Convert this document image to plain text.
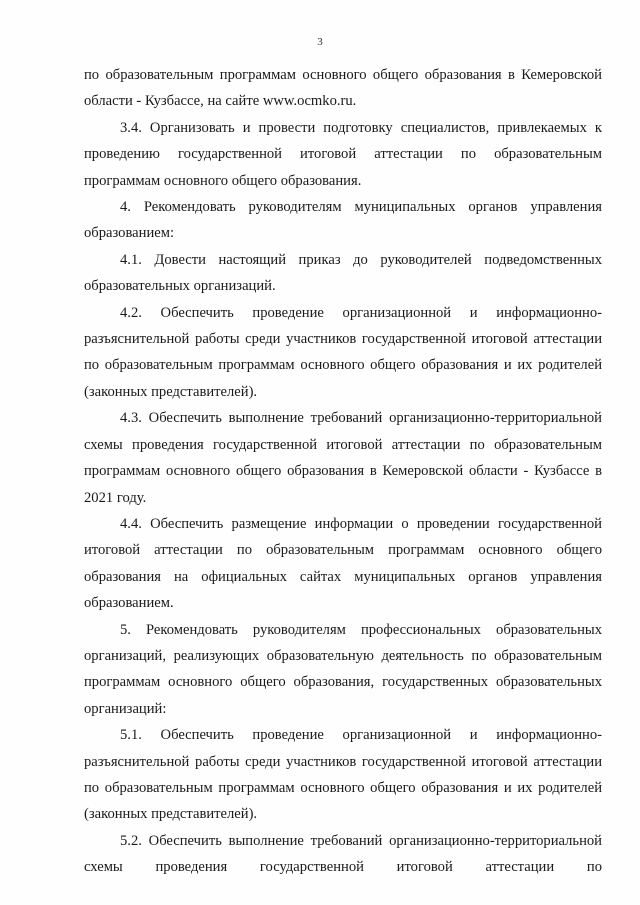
3

по образовательным программам основного общего образования в Кемеровской области - Кузбассе, на сайте www.ocmko.ru.

3.4. Организовать и провести подготовку специалистов, привлекаемых к проведению государственной итоговой аттестации по образовательным программам основного общего образования.

4. Рекомендовать руководителям муниципальных органов управления образованием:

4.1. Довести настоящий приказ до руководителей подведомственных образовательных организаций.

4.2. Обеспечить проведение организационной и информационно-разъяснительной работы среди участников государственной итоговой аттестации по образовательным программам основного общего образования и их родителей (законных представителей).

4.3. Обеспечить выполнение требований организационно-территориальной схемы проведения государственной итоговой аттестации по образовательным программам основного общего образования в Кемеровской области - Кузбассе в 2021 году.

4.4. Обеспечить размещение информации о проведении государственной итоговой аттестации по образовательным программам основного общего образования на официальных сайтах муниципальных органов управления образованием.

5. Рекомендовать руководителям профессиональных образовательных организаций, реализующих образовательную деятельность по образовательным программам основного общего образования, государственных образовательных организаций:

5.1. Обеспечить проведение организационной и информационно-разъяснительной работы среди участников государственной итоговой аттестации по образовательным программам основного общего образования и их родителей (законных представителей).

5.2. Обеспечить выполнение требований организационно-территориальной схемы проведения государственной итоговой аттестации по
